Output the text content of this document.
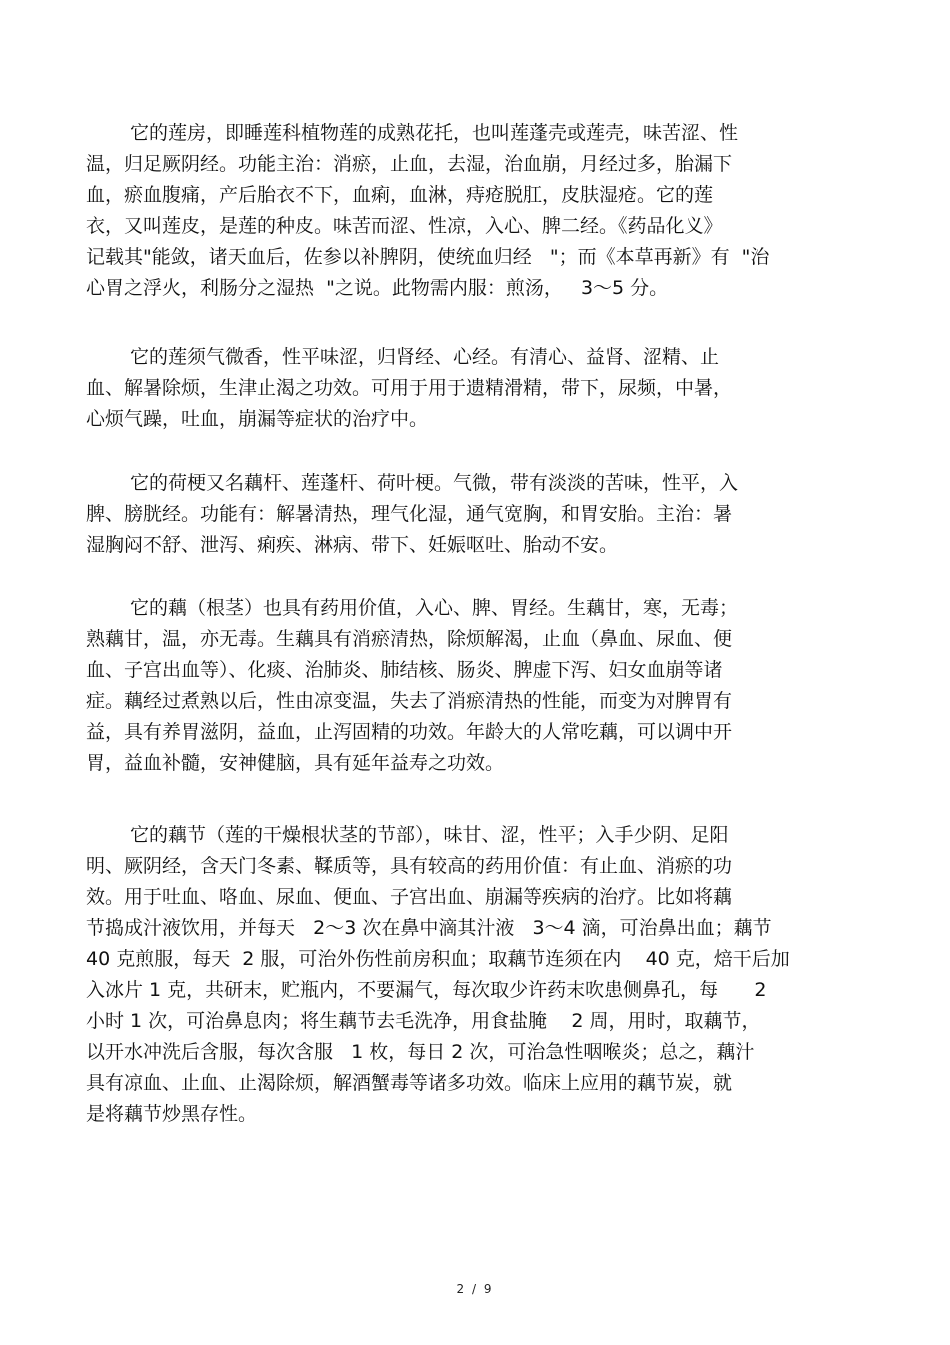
它的莲房，即睡莲科植物莲的成熟花托，也叫莲蓬壳或莲壳，味苦涩、性
温，归足厥阴经。功能主治：消瘀，止血，去湿，治血崩，月经过多，胎漏下
血，瘀血腹痛，产后胎衣不下，血痢，血淋，痔疮脱肛，皮肤湿疮。它的莲
衣，又叫莲皮，是莲的种皮。味苦而涩、性凉，入心、脾二经。《药品化义》
记载其"能敛，诸天血后，佐参以补脾阴，使统血归经   "；而《本草再新》有  "治
心胃之浮火，利肠分之湿热  "之说。此物需内服：煎汤，   3～5 分。
它的莲须气微香，性平味涩，归肾经、心经。有清心、益肾、涩精、止
血、解暑除烦，生津止渴之功效。可用于用于遗精滑精，带下，尿频，中暑，
心烦气躁，吐血，崩漏等症状的治疗中。
它的荷梗又名藕杆、莲蓬杆、荷叶梗。气微，带有淡淡的苦味，性平，入
脾、膀胱经。功能有：解暑清热，理气化湿，通气宽胸，和胃安胎。主治：暑
湿胸闷不舒、泄泻、痢疾、淋病、带下、妊娠呕吐、胎动不安。
它的藕（根茎）也具有药用价值，入心、脾、胃经。生藕甘，寒，无毒；
熟藕甘，温，亦无毒。生藕具有消瘀清热，除烦解渴，止血（鼻血、尿血、便
血、子宫出血等）、化痰、治肺炎、肺结核、肠炎、脾虚下泻、妇女血崩等诸
症。藕经过煮熟以后，性由凉变温，失去了消瘀清热的性能，而变为对脾胃有
益，具有养胃滋阴，益血，止泻固精的功效。年龄大的人常吃藕，可以调中开
胃，益血补髓，安神健脑，具有延年益寿之功效。
它的藕节（莲的干燥根状茎的节部），味甘、涩，性平；入手少阴、足阳
明、厥阴经，含天门冬素、鞣质等，具有较高的药用价值：有止血、消瘀的功
效。用于吐血、咯血、尿血、便血、子宫出血、崩漏等疾病的治疗。比如将藕
节捣成汁液饮用，并每天   2～3 次在鼻中滴其汁液   3～4 滴，可治鼻出血；藕节
40 克煎服，每天  2 服，可治外伤性前房积血；取藕节连须在内    40 克，焙干后加
入冰片 1 克，共研末，贮瓶内，不要漏气，每次取少许药末吹患侧鼻孔，每      2
小时 1 次，可治鼻息肉；将生藕节去毛洗净，用食盐腌    2 周，用时，取藕节，
以开水冲洗后含服，每次含服   1 枚，每日 2 次，可治急性咽喉炎；总之，藕汁
具有凉血、止血、止渴除烦，解酒蟹毒等诸多功效。临床上应用的藕节炭，就
是将藕节炒黑存性。
2 / 9
